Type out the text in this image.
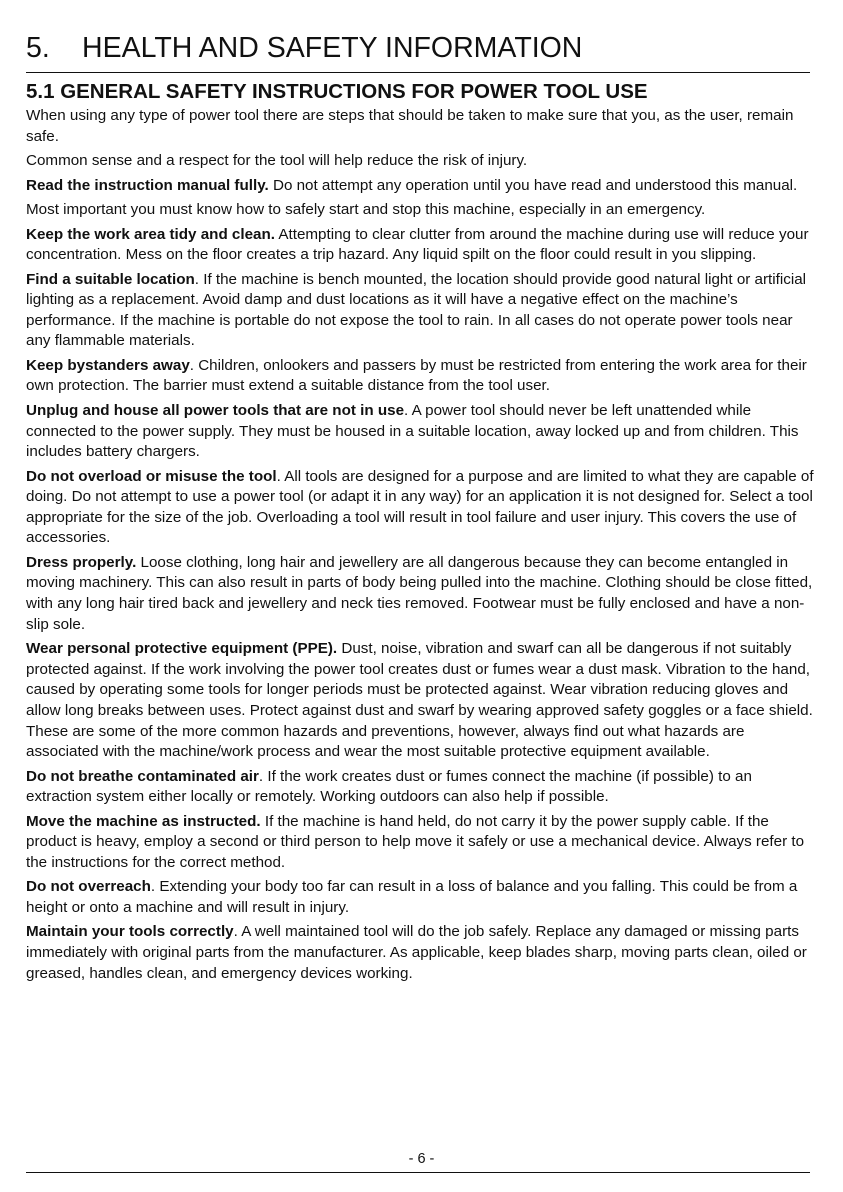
5. HEALTH AND SAFETY INFORMATION
5.1 GENERAL SAFETY INSTRUCTIONS FOR POWER TOOL USE

When using any type of power tool there are steps that should be taken to make sure that you, as the user, remain safe.

Common sense and a respect for the tool will help reduce the risk of injury.

Read the instruction manual fully. Do not attempt any operation until you have read and understood this manual.

Most important you must know how to safely start and stop this machine, especially in an emergency.

Keep the work area tidy and clean. Attempting to clear clutter from around the machine during use will reduce your concentration. Mess on the floor creates a trip hazard. Any liquid spilt on the floor could result in you slipping.

Find a suitable location. If the machine is bench mounted, the location should provide good natural light or artificial lighting as a replacement. Avoid damp and dust locations as it will have a negative effect on the machine’s performance. If the machine is portable do not expose the tool to rain. In all cases do not operate power tools near any flammable materials.

Keep bystanders away. Children, onlookers and passers by must be restricted from entering the work area for their own protection. The barrier must extend a suitable distance from the tool user.

Unplug and house all power tools that are not in use. A power tool should never be left unattended while connected to the power supply. They must be housed in a suitable location, away locked up and from children. This includes battery chargers.

Do not overload or misuse the tool. All tools are designed for a purpose and are limited to what they are capable of doing. Do not attempt to use a power tool (or adapt it in any way) for an application it is not designed for. Select a tool appropriate for the size of the job. Overloading a tool will result in tool failure and user injury. This covers the use of accessories.

Dress properly. Loose clothing, long hair and jewellery are all dangerous because they can become entangled in moving machinery. This can also result in parts of body being pulled into the machine. Clothing should be close fitted, with any long hair tired back and jewellery and neck ties removed. Footwear must be fully enclosed and have a non-slip sole.

Wear personal protective equipment (PPE). Dust, noise, vibration and swarf can all be dangerous if not suitably protected against. If the work involving the power tool creates dust or fumes wear a dust mask. Vibration to the hand, caused by operating some tools for longer periods must be protected against. Wear vibration reducing gloves and allow long breaks between uses. Protect against dust and swarf by wearing approved safety goggles or a face shield. These are some of the more common hazards and preventions, however, always find out what hazards are associated with the machine/work process and wear the most suitable protective equipment available.

Do not breathe contaminated air. If the work creates dust or fumes connect the machine (if possible) to an extraction system either locally or remotely. Working outdoors can also help if possible.

Move the machine as instructed. If the machine is hand held, do not carry it by the power supply cable. If the product is heavy, employ a second or third person to help move it safely or use a mechanical device. Always refer to the instructions for the correct method.

Do not overreach. Extending your body too far can result in a loss of balance and you falling. This could be from a height or onto a machine and will result in injury.

Maintain your tools correctly. A well maintained tool will do the job safely. Replace any damaged or missing parts immediately with original parts from the manufacturer. As applicable, keep blades sharp, moving parts clean, oiled or greased, handles clean, and emergency devices working.

- 6 -
